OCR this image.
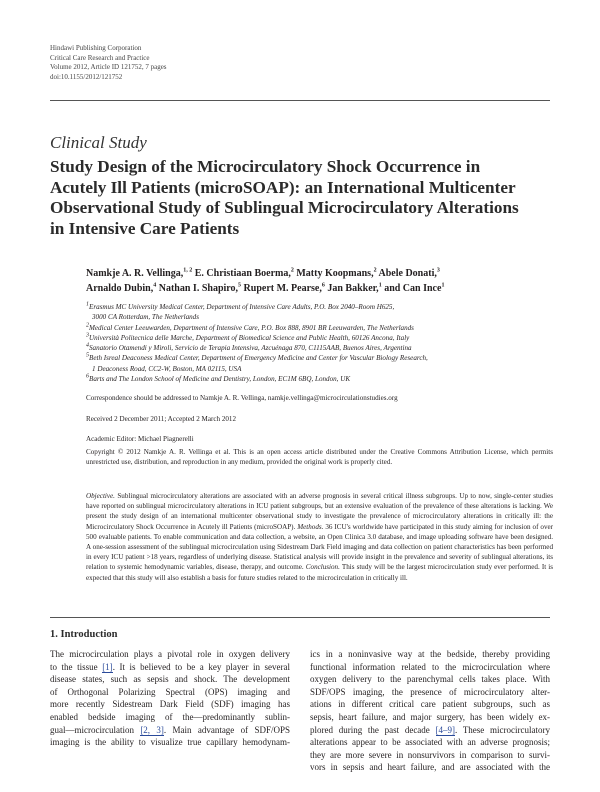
Hindawi Publishing Corporation
Critical Care Research and Practice
Volume 2012, Article ID 121752, 7 pages
doi:10.1155/2012/121752
Clinical Study
Study Design of the Microcirculatory Shock Occurrence in
Acutely Ill Patients (microSOAP): an International Multicenter
Observational Study of Sublingual Microcirculatory Alterations
in Intensive Care Patients
Namkje A. R. Vellinga,$^{1, 2}$ E. Christiaan Boerma,$^2$ Matty Koopmans,$^2$ Abele Donati,$^3$
Arnaldo Dubin,$^4$ Nathan I. Shapiro,$^5$ Rupert M. Pearse,$^6$ Jan Bakker,$^1$ and Can Ince$^1$
$^1$Erasmus MC University Medical Center, Department of Intensive Care Adults, P.O. Box 2040–Room H625,
3000 CA Rotterdam, The Netherlands
$^2$Medical Center Leeuwarden, Department of Intensive Care, P.O. Box 888, 8901 BR Leeuwarden, The Netherlands
$^3$Università Politecnica delle Marche, Department of Biomedical Science and Public Health, 60126 Ancona, Italy
$^4$Sanatorio Otamendi y Miroli, Servicio de Terapia Intensiva, Azcuénaga 870, C1115AAB, Buenos Aires, Argentina
$^5$Beth Isreal Deaconess Medical Center, Department of Emergency Medicine and Center for Vascular Biology Research,
1 Deaconess Road, CC2-W, Boston, MA 02115, USA
$^6$Barts and The London School of Medicine and Dentistry, London, EC1M 6BQ, London, UK
Correspondence should be addressed to Namkje A. R. Vellinga, namkje.vellinga@microcirculationstudies.org
Received 2 December 2011; Accepted 2 March 2012
Academic Editor: Michael Piagnerelli
Copyright © 2012 Namkje A. R. Vellinga et al. This is an open access article distributed under the Creative Commons Attribution License, which permits unrestricted use, distribution, and reproduction in any medium, provided the original work is properly cited.
Objective. Sublingual microcirculatory alterations are associated with an adverse prognosis in several critical illness subgroups. Up to now, single-center studies have reported on sublingual microcirculatory alterations in ICU patient subgroups, but an extensive evaluation of the prevalence of these alterations is lacking. We present the study design of an international multicenter observational study to investigate the prevalence of microcirculatory alterations in critically ill: the Microcirculatory Shock Occurrence in Acutely ill Patients (microSOAP). Methods. 36 ICU's worldwide have participated in this study aiming for inclusion of over 500 evaluable patients. To enable communication and data collection, a website, an Open Clinica 3.0 database, and image uploading software have been designed. A one-session assessment of the sublingual microcirculation using Sidestream Dark Field imaging and data collection on patient characteristics has been performed in every ICU patient >18 years, regardless of underlying disease. Statistical analysis will provide insight in the prevalence and severity of sublingual alterations, its relation to systemic hemodynamic variables, disease, therapy, and outcome. Conclusion. This study will be the largest microcirculation study ever performed. It is expected that this study will also establish a basis for future studies related to the microcirculation in critically ill.
1. Introduction
The microcirculation plays a pivotal role in oxygen delivery
to the tissue [1]. It is believed to be a key player in several
disease states, such as sepsis and shock. The development
of Orthogonal Polarizing Spectral (OPS) imaging and
more recently Sidestream Dark Field (SDF) imaging has
enabled bedside imaging of the—predominantly sublin-
gual—microcirculation [2, 3]. Main advantage of SDF/OPS
imaging is the ability to visualize true capillary hemodynam-
ics in a noninvasive way at the bedside, thereby providing
functional information related to the microcirculation where
oxygen delivery to the parenchymal cells takes place. With
SDF/OPS imaging, the presence of microcirculatory alter-
ations in different critical care patient subgroups, such as
sepsis, heart failure, and major surgery, has been widely ex-
plored during the past decade [4–9]. These microcirculatory
alterations appear to be associated with an adverse prognosis;
they are more severe in nonsurvivors in comparison to survi-
vors in sepsis and heart failure, and are associated with the
